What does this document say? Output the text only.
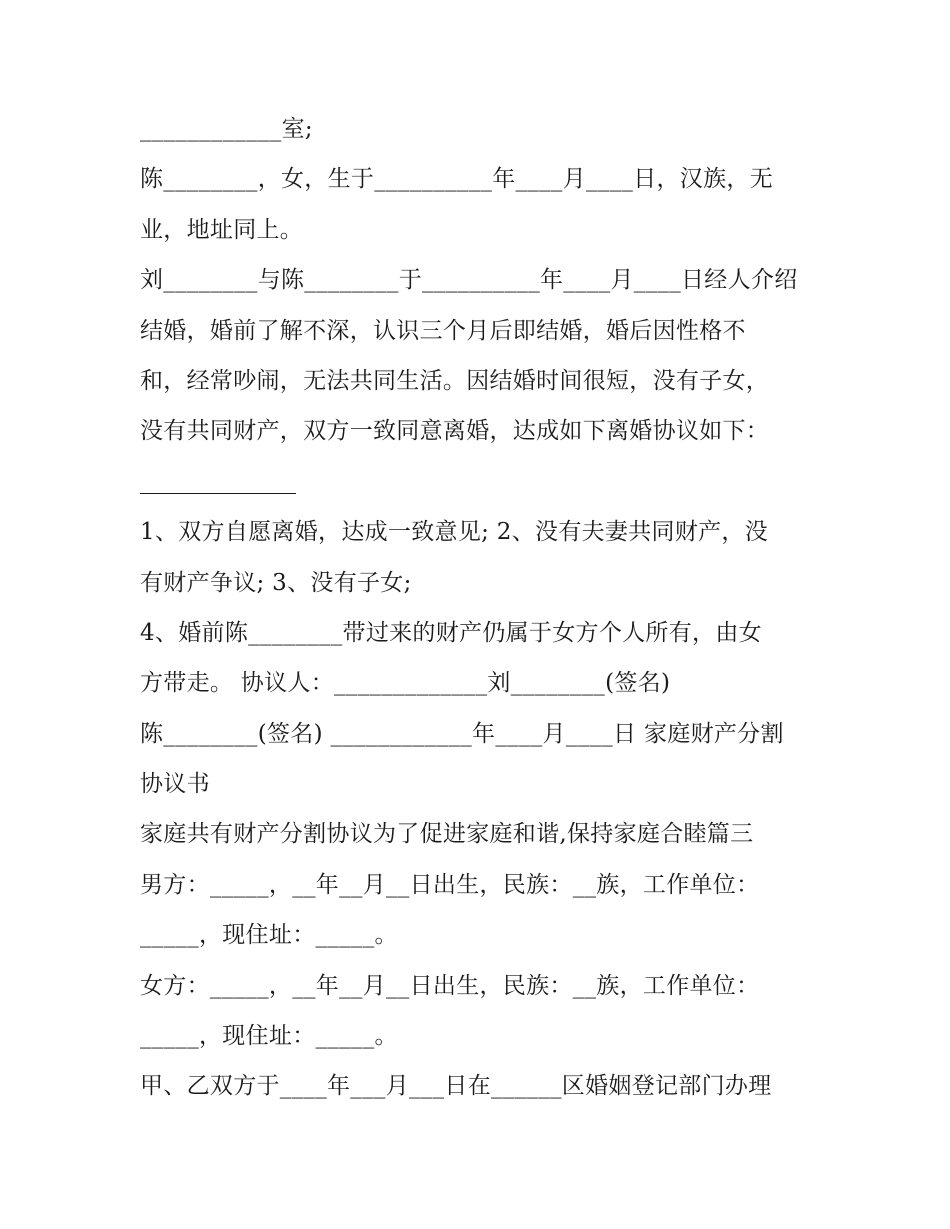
____________室;
陈________，女，生于__________年____月____日，汉族，无
业，地址同上。
刘________与陈________于__________年____月____日经人介绍
结婚，婚前了解不深，认识三个月后即结婚，婚后因性格不
和，经常吵闹，无法共同生活。因结婚时间很短，没有子女，
没有共同财产，双方一致同意离婚，达成如下离婚协议如下：
1、双方自愿离婚，达成一致意见; 2、没有夫妻共同财产，没
有财产争议; 3、没有子女;
4、婚前陈________带过来的财产仍属于女方个人所有，由女
方带走。 协议人：_____________刘________(签名)
陈________(签名) ____________年____月____日 家庭财产分割
协议书
家庭共有财产分割协议为了促进家庭和谐,保持家庭合睦篇三
男方：_____，__年__月__日出生，民族：__族，工作单位：
_____，现住址：_____。
女方：_____，__年__月__日出生，民族：__族，工作单位：
_____，现住址：_____。
甲、乙双方于____年___月___日在______区婚姻登记部门办理
